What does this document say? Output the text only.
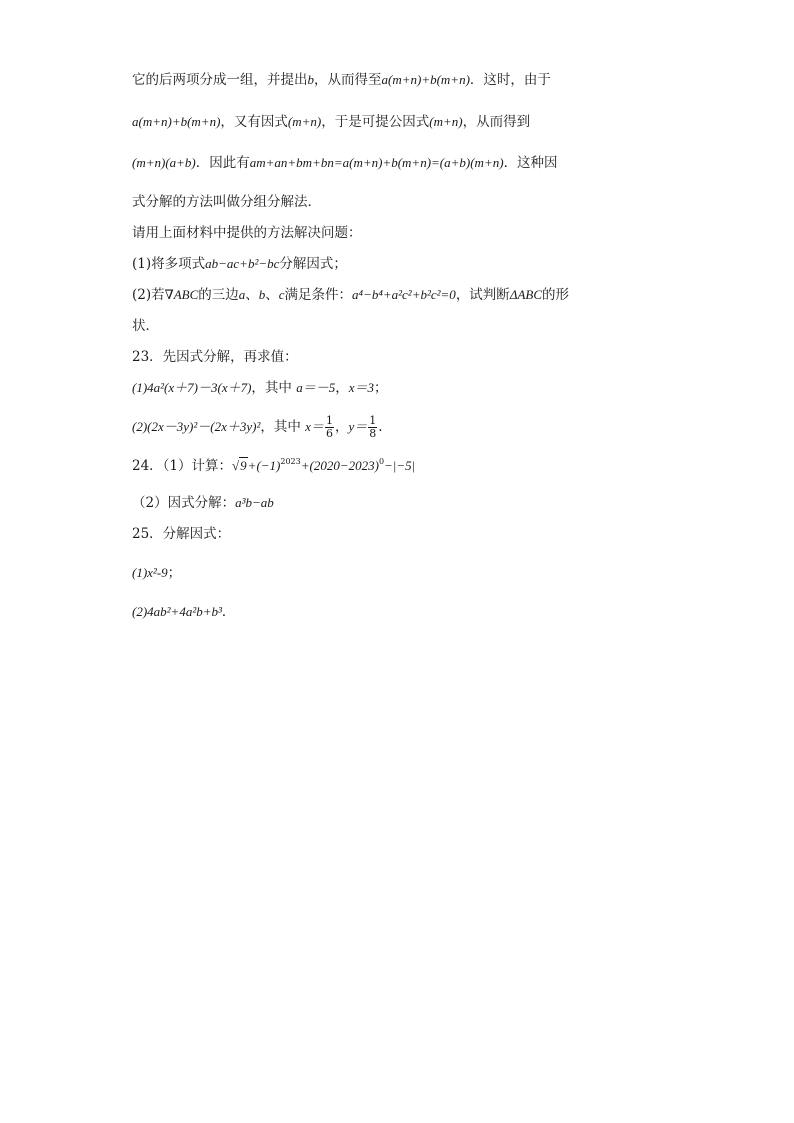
它的后两项分成一组，并提出b，从而得至a(m+n)+b(m+n)．这时，由于
a(m+n)+b(m+n)，又有因式(m+n)，于是可提公因式(m+n)，从而得到
(m+n)(a+b)．因此有am+an+bm+bn=a(m+n)+b(m+n)=(a+b)(m+n)．这种因
式分解的方法叫做分组分解法．
请用上面材料中提供的方法解决问题：
(1)将多项式ab−ac+b²−bc分解因式；
(2)若∇ABC的三边a、b、c满足条件：a⁴−b⁴+a²c²+b²c²=0，试判断ΔABC的形
状．
23．先因式分解，再求值：
(1)4a²(x＋7)－3(x＋7)，其中 a＝－5，x＝3；
(2)(2x－3y)²－(2x＋3y)²，其中 $x= \frac{1}{6}$ ，$y= \frac{1}{8}$ .
24．（1）计算：$√9+(-1)^{2023}+(2020-2023)^0-|-5|$
（2）因式分解：a³b−ab
25．分解因式：
(1)x²-9；
(2)4ab²+4a²b+b³．
